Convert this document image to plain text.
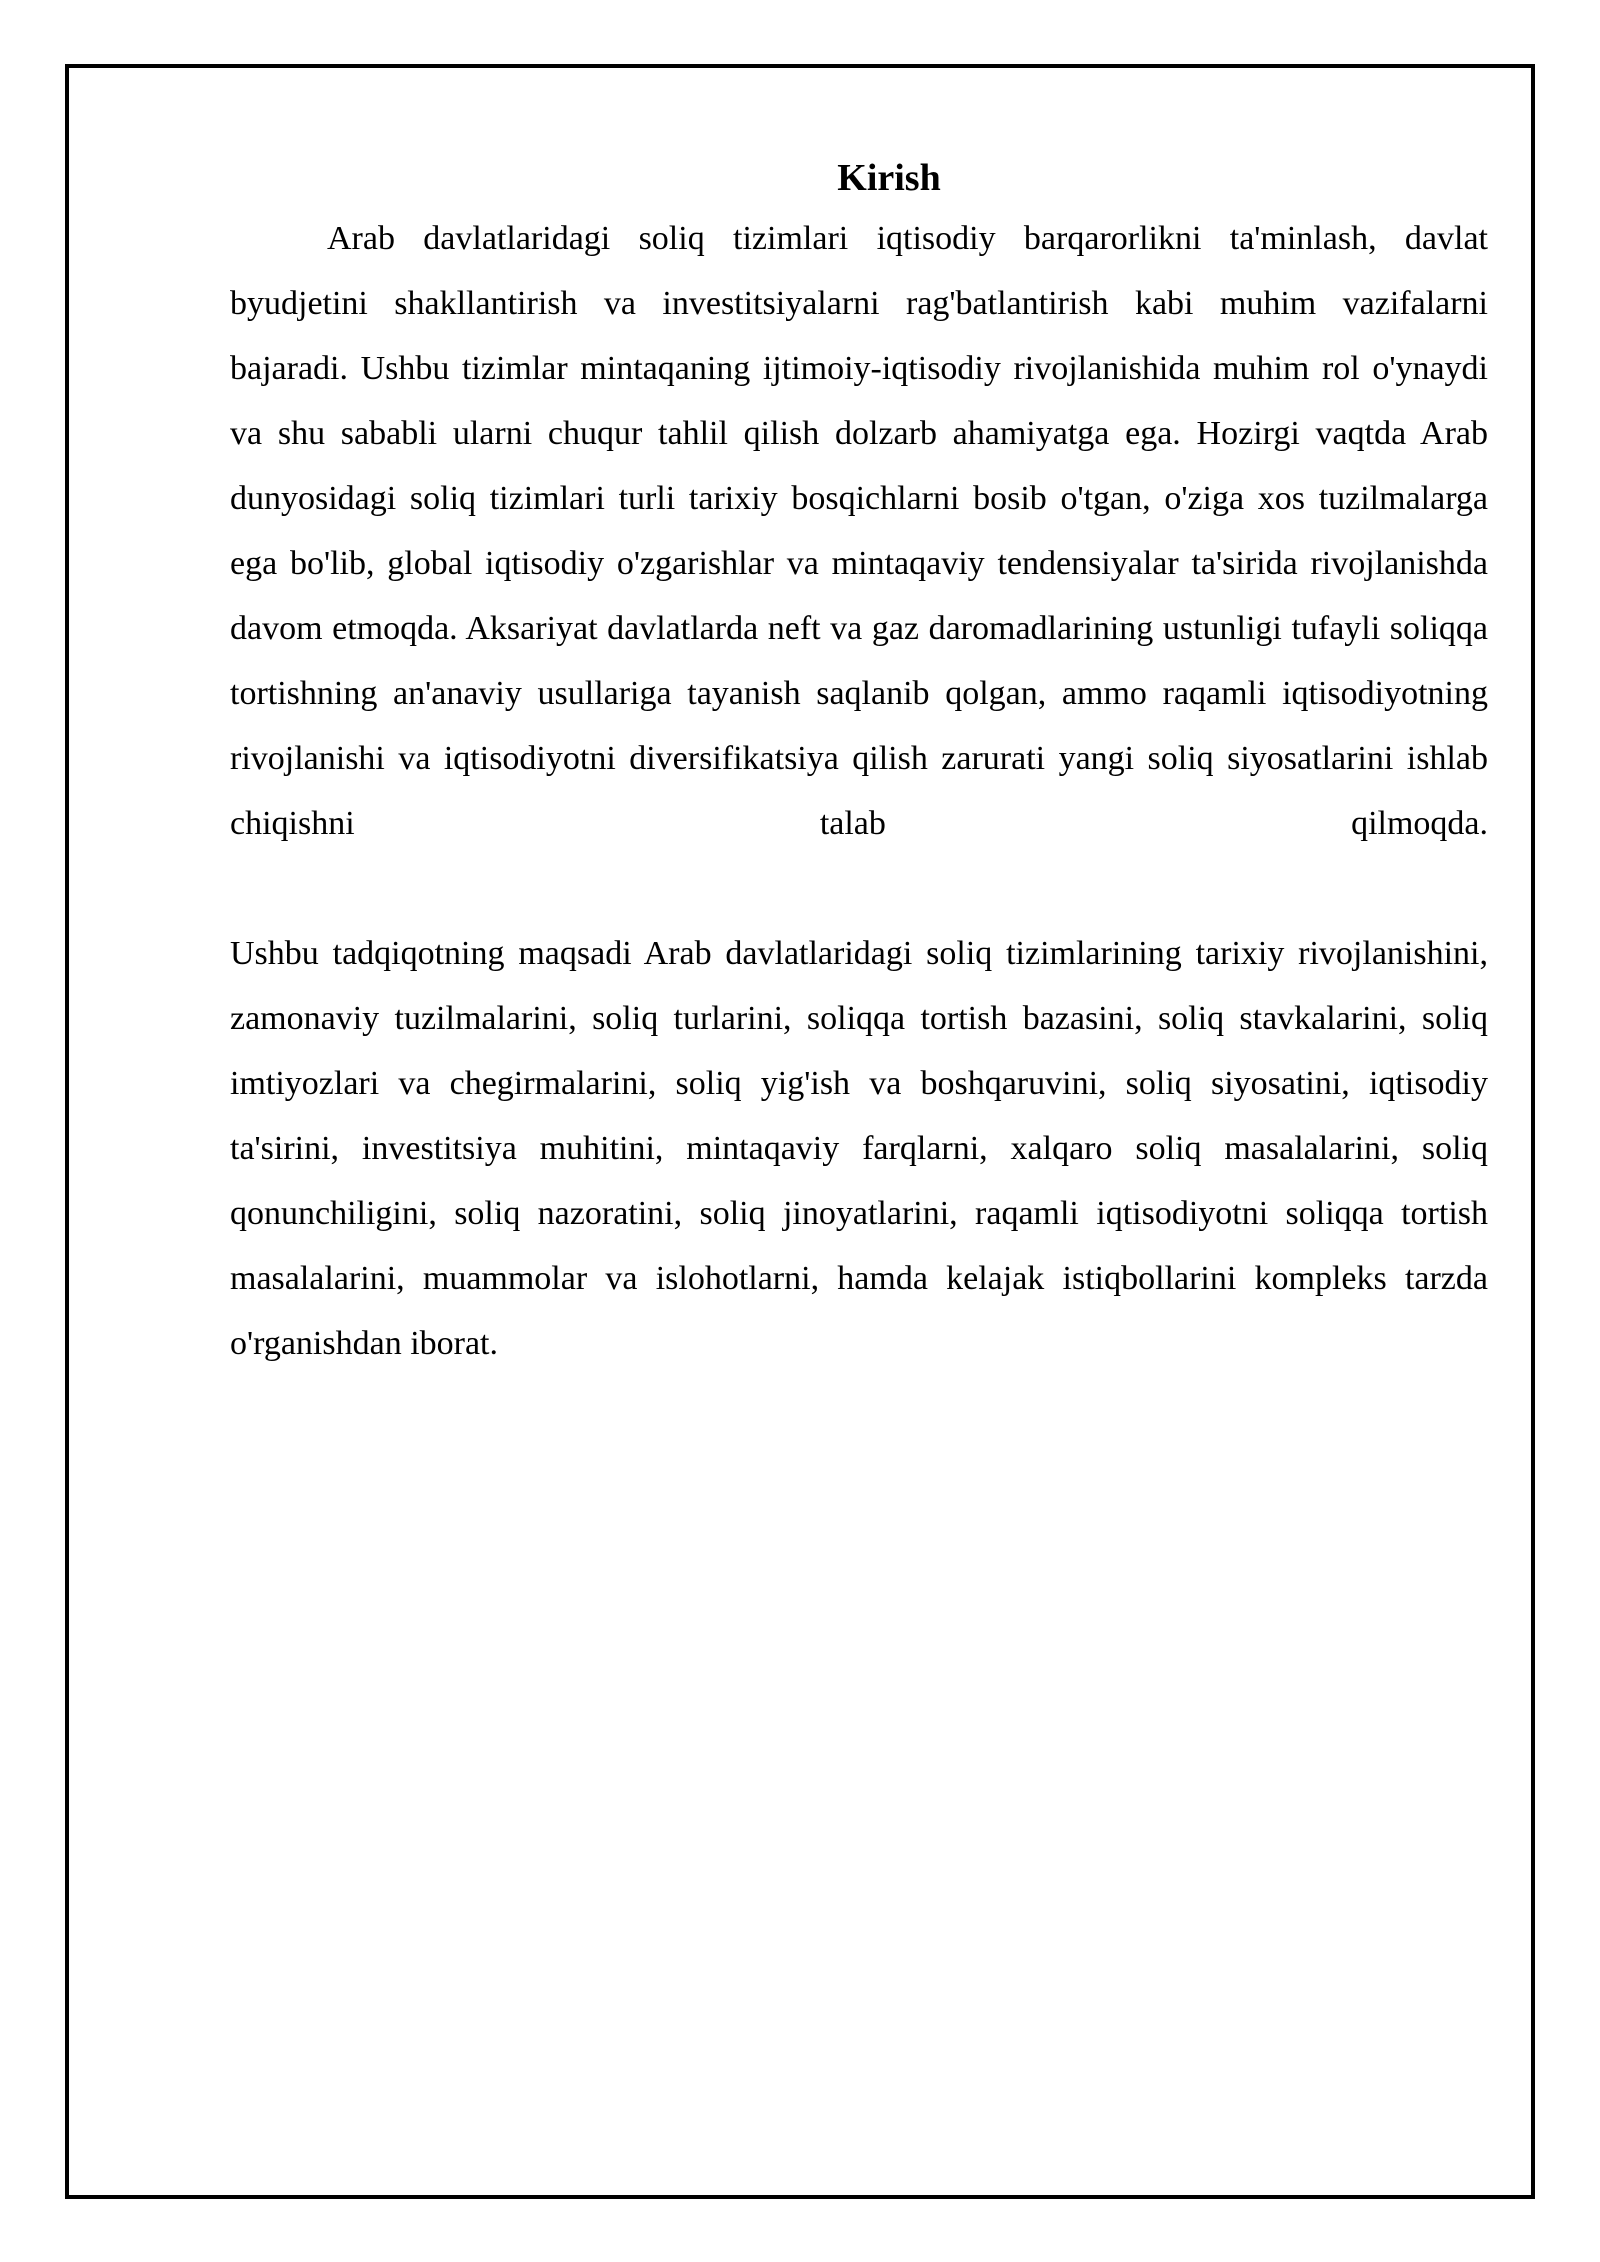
Kirish

Arab davlatlaridagi soliq tizimlari iqtisodiy barqarorlikni ta'minlash, davlat byudjetini shakllantirish va investitsiyalarni rag'batlantirish kabi muhim vazifalarni bajaradi. Ushbu tizimlar mintaqaning ijtimoiy-iqtisodiy rivojlanishida muhim rol o'ynaydi va shu sababli ularni chuqur tahlil qilish dolzarb ahamiyatga ega. Hozirgi vaqtda Arab dunyosidagi soliq tizimlari turli tarixiy bosqichlarni bosib o'tgan, o'ziga xos tuzilmalarga ega bo'lib, global iqtisodiy o'zgarishlar va mintaqaviy tendensiyalar ta'sirida rivojlanishda davom etmoqda. Aksariyat davlatlarda neft va gaz daromadlarining ustunligi tufayli soliqqa tortishning an'anaviy usullariga tayanish saqlanib qolgan, ammo raqamli iqtisodiyotning rivojlanishi va iqtisodiyotni diversifikatsiya qilish zarurati yangi soliq siyosatlarini ishlab chiqishni talab qilmoqda.

Ushbu tadqiqotning maqsadi Arab davlatlaridagi soliq tizimlarining tarixiy rivojlanishini, zamonaviy tuzilmalarini, soliq turlarini, soliqqa tortish bazasini, soliq stavkalarini, soliq imtiyozlari va chegirmalarini, soliq yig'ish va boshqaruvini, soliq siyosatini, iqtisodiy ta'sirini, investitsiya muhitini, mintaqaviy farqlarni, xalqaro soliq masalalarini, soliq qonunchiligini, soliq nazoratini, soliq jinoyatlarini, raqamli iqtisodiyotni soliqqa tortish masalalarini, muammolar va islohotlarni, hamda kelajak istiqbollarini kompleks tarzda o'rganishdan iborat.
